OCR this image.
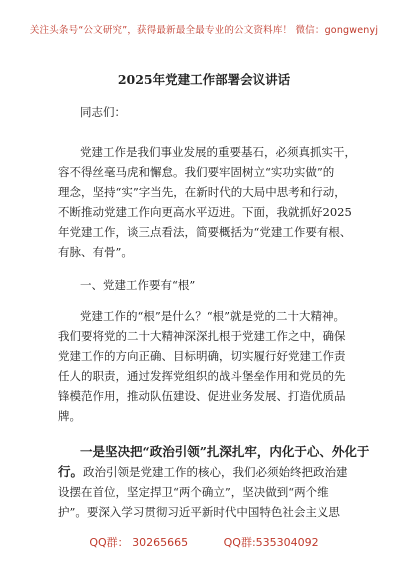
关注头条号“公文研究”，获得最新最全最专业的公文资料库！ 微信：gongwenyj
2025年党建工作部署会议讲话

同志们：

党建工作是我们事业发展的重要基石，必须真抓实干，
容不得丝毫马虎和懈怠。我们要牢固树立“实功实做”的
理念，坚持“实”字当先，在新时代的大局中思考和行动，
不断推动党建工作向更高水平迈进。下面，我就抓好2025
年党建工作，谈三点看法，简要概括为“党建工作要有根、
有脉、有骨”。

一、党建工作要有“根”

党建工作的“根”是什么？“根”就是党的二十大精神。
我们要将党的二十大精神深深扎根于党建工作之中，确保
党建工作的方向正确、目标明确，切实履行好党建工作责
任人的职责，通过发挥党组织的战斗堡垒作用和党员的先
锋模范作用，推动队伍建设、促进业务发展、打造优质品
牌。

一是坚决把“政治引领”扎深扎牢，内化于心、外化于
行。政治引领是党建工作的核心，我们必须始终把政治建
设摆在首位，坚定捍卫“两个确立”，坚决做到“两个维
护”。要深入学习贯彻习近平新时代中国特色社会主义思

QQ群： 30265665	QQ群:535304092
